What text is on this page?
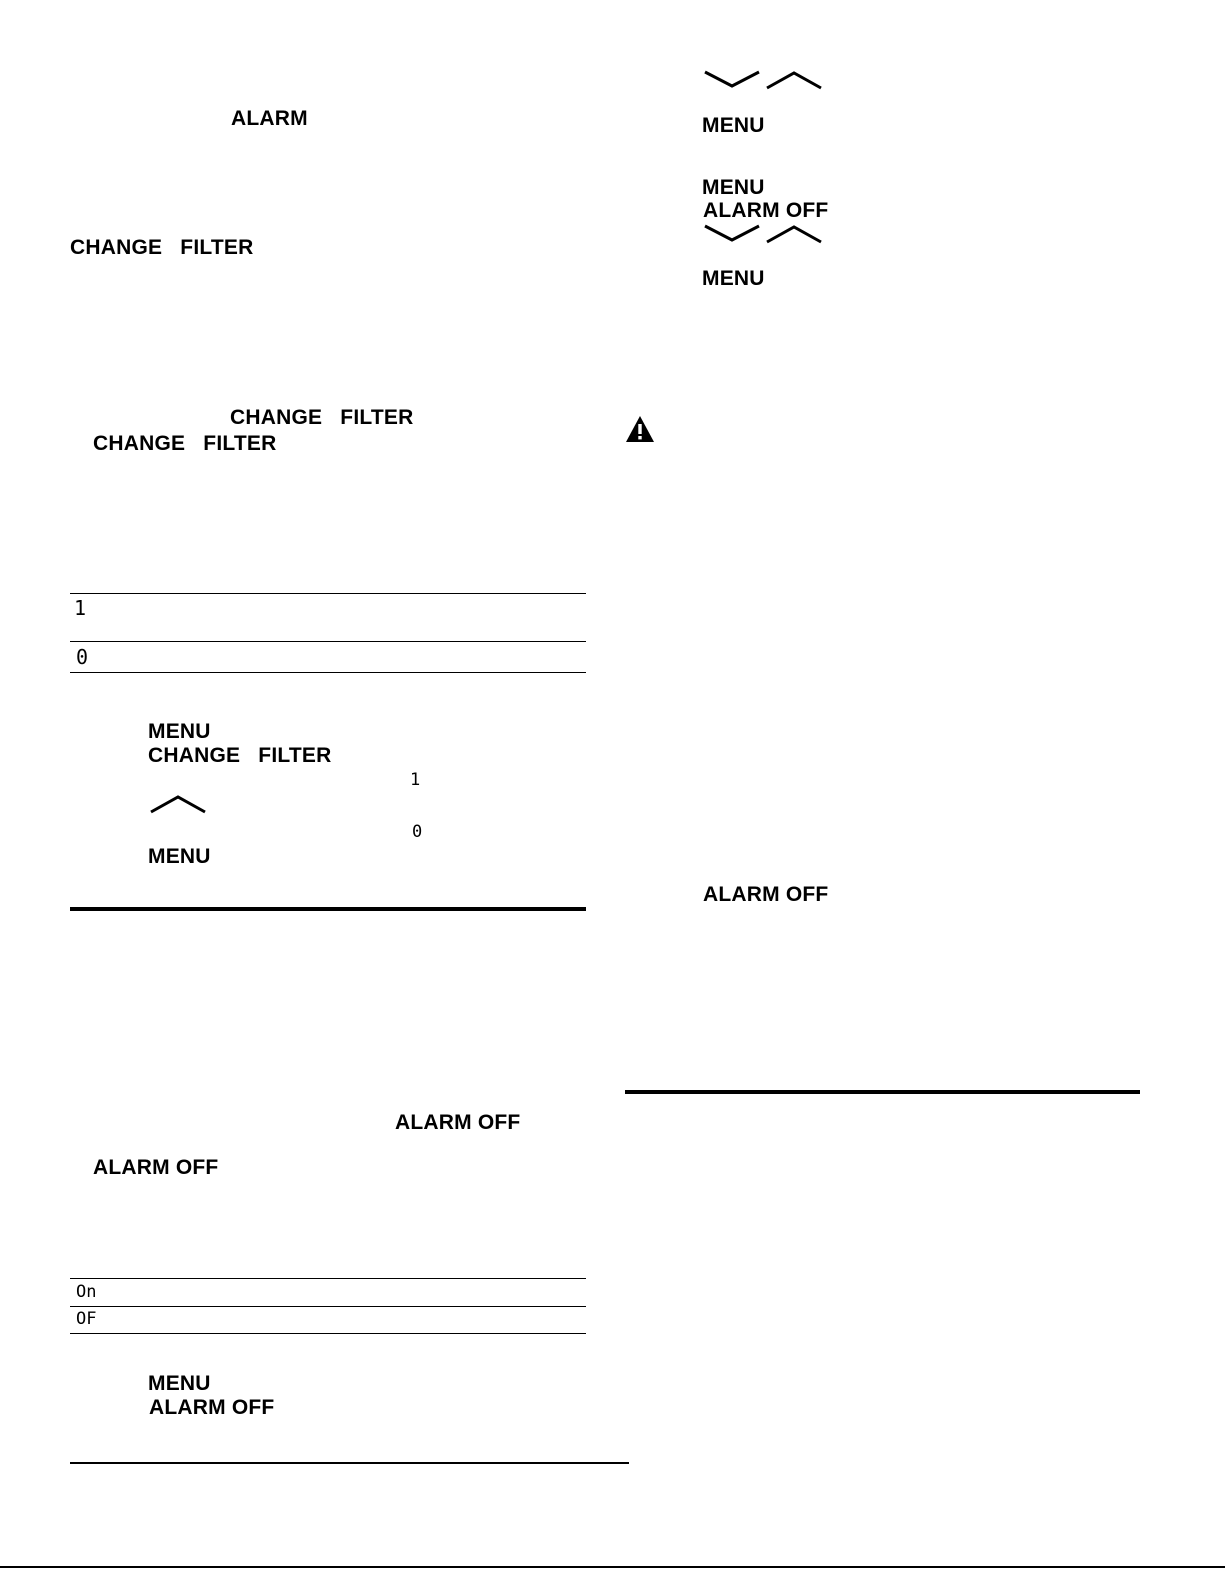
ALARM
CHANGE   FILTER
CHANGE   FILTER
CHANGE   FILTER
1
0
MENU
CHANGE   FILTER
1
0
MENU
ALARM OFF
ALARM OFF
On
OF
MENU
ALARM OFF
MENU
MENU
ALARM OFF
MENU
ALARM OFF
